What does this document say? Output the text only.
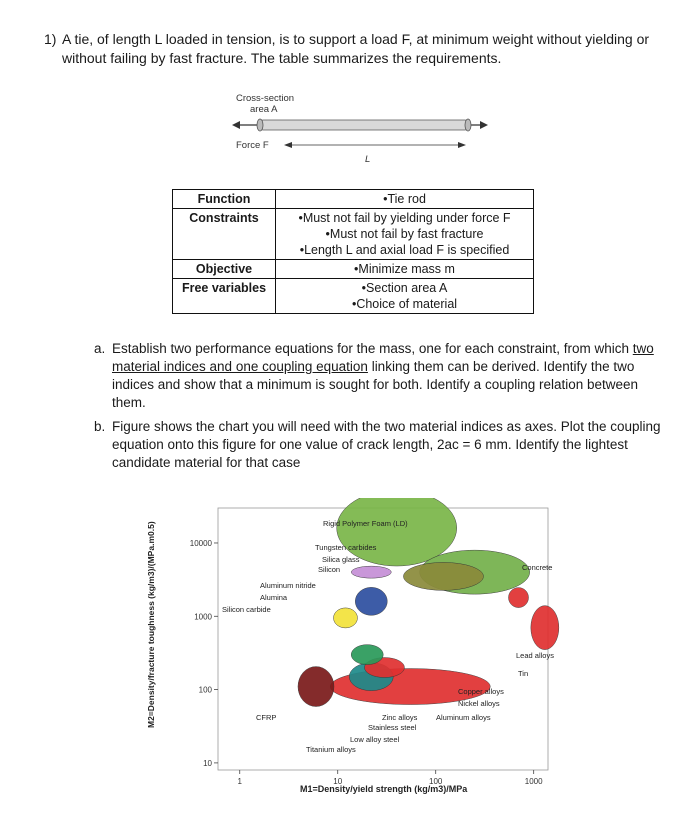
1) A tie, of length L loaded in tension, is to support a load F, at minimum weight without yielding or without failing by fast fracture. The table summarizes the requirements.
Cross-section
area A
Force F
L
Function	•Tie rod

Constraints	•Must not fail by yielding under force F
•Must not fail by fast fracture
•Length L and axial load F is specified

Objective	•Minimize mass m

Free variables	•Section area A
•Choice of material
a. Establish two performance equations for the mass, one for each constraint, from which two material indices and one coupling equation linking them can be derived. Identify the two indices and show that a minimum is sought for both. Identify a coupling relation between them.
b. Figure shows the chart you will need with the two material indices as axes. Plot the coupling equation onto this figure for one value of crack length, 2ac = 6 mm. Identify the lightest candidate material for that case
1	10	100	1000
10
100
1000
10000
Rigid Polymer Foam (LD)
Tungsten carbides
Silica glass
Silicon
Aluminum nitride
Alumina
Silicon carbide
Concrete
Lead alloys
Tin
Copper alloys
Nickel alloys
Aluminum alloys
Zinc alloys
Stainless steel
Low alloy steel
Titanium alloys
CFRP
M1=Density/yield strength (kg/m3)/MPa
M2=Density/fracture toughness (kg/m3)/(MPa.m0.5)
